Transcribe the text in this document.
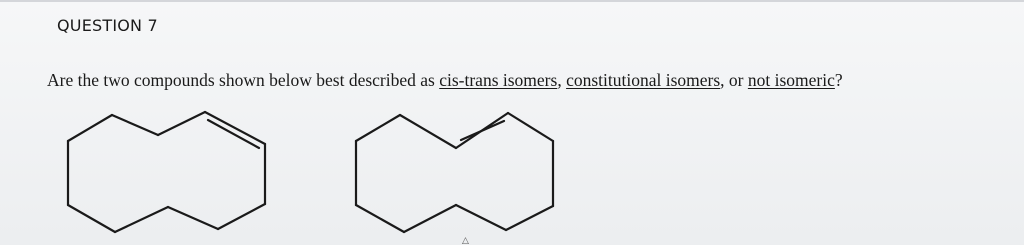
QUESTION 7
Are the two compounds shown below best described as cis-trans isomers, constitutional isomers, or not isomeric?
△
